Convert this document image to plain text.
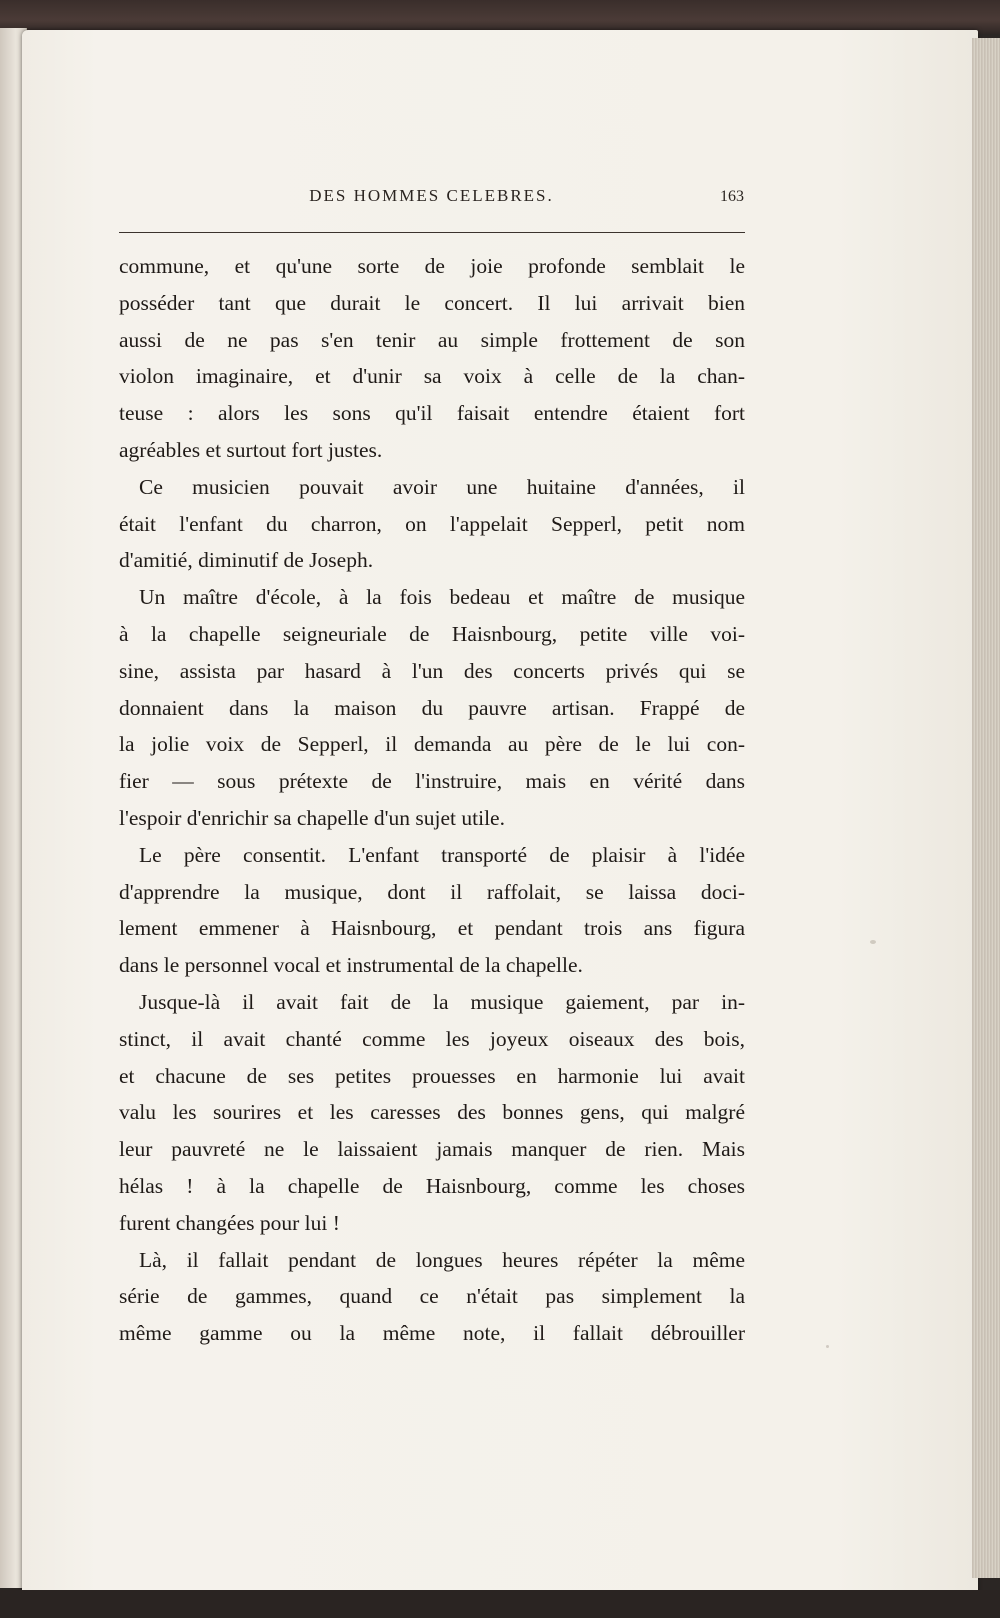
DES HOMMES CELEBRES.	163
commune, et qu'une sorte de joie profonde semblait le
posséder tant que durait le concert. Il lui arrivait bien
aussi de ne pas s'en tenir au simple frottement de son
violon imaginaire, et d'unir sa voix à celle de la chan-
teuse : alors les sons qu'il faisait entendre étaient fort
agréables et surtout fort justes.
Ce musicien pouvait avoir une huitaine d'années, il
était l'enfant du charron, on l'appelait Sepperl, petit nom
d'amitié, diminutif de Joseph.
Un maître d'école, à la fois bedeau et maître de musique
à la chapelle seigneuriale de Haisnbourg, petite ville voi-
sine, assista par hasard à l'un des concerts privés qui se
donnaient dans la maison du pauvre artisan. Frappé de
la jolie voix de Sepperl, il demanda au père de le lui con-
fier — sous prétexte de l'instruire, mais en vérité dans
l'espoir d'enrichir sa chapelle d'un sujet utile.
Le père consentit. L'enfant transporté de plaisir à l'idée
d'apprendre la musique, dont il raffolait, se laissa doci-
lement emmener à Haisnbourg, et pendant trois ans figura
dans le personnel vocal et instrumental de la chapelle.
Jusque-là il avait fait de la musique gaiement, par in-
stinct, il avait chanté comme les joyeux oiseaux des bois,
et chacune de ses petites prouesses en harmonie lui avait
valu les sourires et les caresses des bonnes gens, qui malgré
leur pauvreté ne le laissaient jamais manquer de rien. Mais
hélas ! à la chapelle de Haisnbourg, comme les choses
furent changées pour lui !
Là, il fallait pendant de longues heures répéter la même
série de gammes, quand ce n'était pas simplement la
même gamme ou la même note, il fallait débrouiller
